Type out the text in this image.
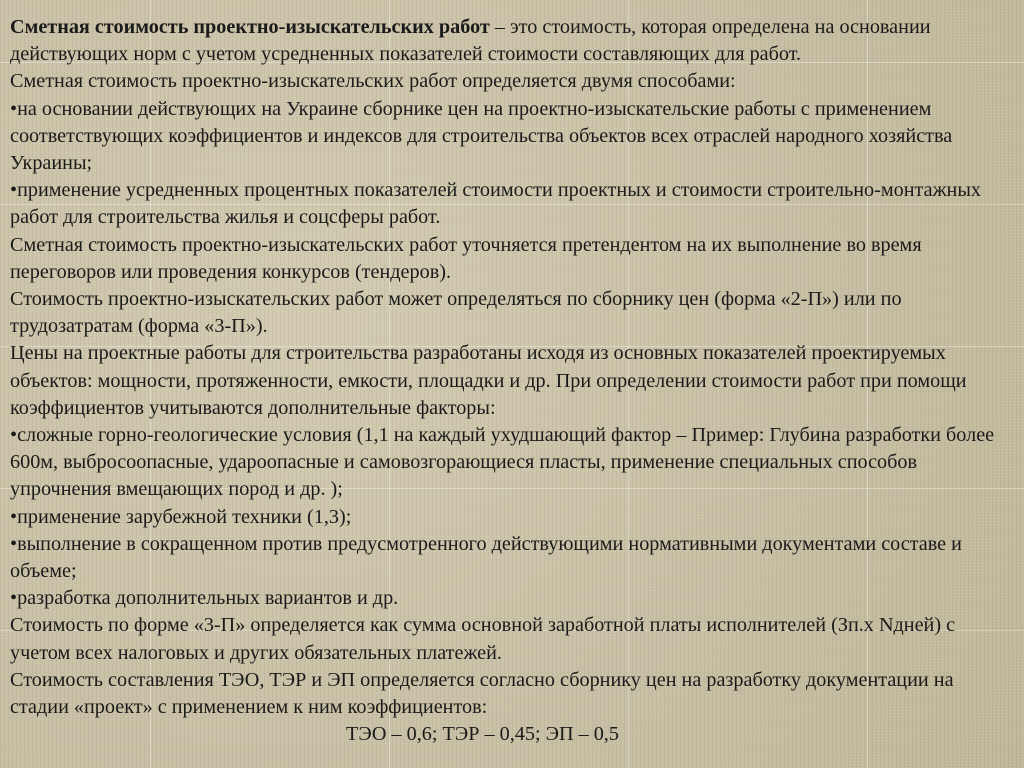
Сметная стоимость проектно-изыскательских работ – это стоимость, которая определена на основании действующих норм с учетом усредненных показателей стоимости составляющих для работ.

Сметная стоимость проектно-изыскательских работ определяется двумя способами:

• на основании действующих на Украине сборнике цен на проектно-изыскательские работы с применением соответствующих коэффициентов и индексов для строительства объектов всех отраслей народного хозяйства Украины;

• применение усредненных процентных показателей стоимости проектных и стоимости строительно-монтажных работ для строительства жилья и соцсферы работ.

Сметная стоимость проектно-изыскательских работ уточняется претендентом на их выполнение во время переговоров или проведения конкурсов (тендеров).

Стоимость проектно-изыскательских работ может определяться по сборнику цен (форма «2-П») или по трудозатратам (форма «3-П»).

Цены на проектные работы для строительства разработаны исходя из основных показателей проектируемых объектов: мощности, протяженности, емкости, площадки и др. При определении стоимости работ при помощи коэффициентов учитываются дополнительные факторы:

• сложные горно-геологические условия (1,1 на каждый ухудшающий фактор – Пример: Глубина разработки более 600м, выбросоопасные, удароопасные и самовозгорающиеся пласты, применение специальных способов упрочнения вмещающих пород и др. );

• применение зарубежной техники (1,3);

• выполнение в сокращенном против предусмотренного действующими нормативными документами составе и объеме;

• разработка дополнительных вариантов и др.

Стоимость по форме «3-П» определяется как сумма основной заработной платы исполнителей (Зп.х Nдней) с учетом всех налоговых и других обязательных платежей.

Стоимость составления ТЭО, ТЭР и ЭП определяется согласно сборнику цен на разработку документации на стадии «проект» с применением к ним коэффициентов:

ТЭО – 0,6; ТЭР – 0,45; ЭП – 0,5
